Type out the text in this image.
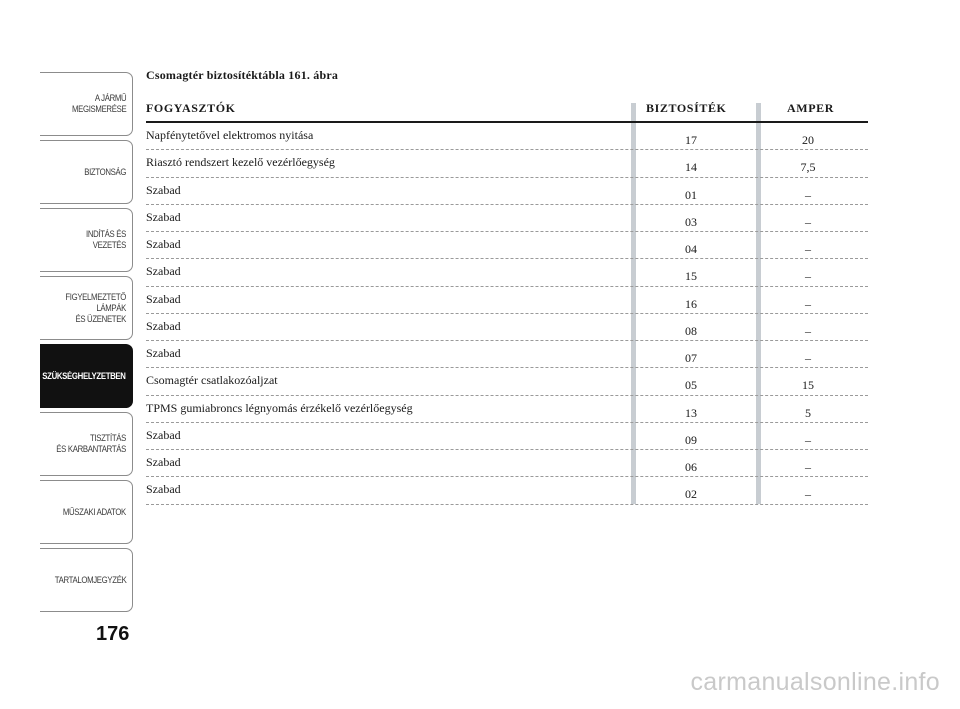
A JÁRMŰ
MEGISMERÉSE
BIZTONSÁG
INDÍTÁS ÉS VEZETÉS
FIGYELMEZTETŐ
LÁMPÁK
ÉS ÜZENETEK
SZÜKSÉGHELYZETBEN
TISZTÍTÁS
ÉS KARBANTARTÁS
MŰSZAKI ADATOK
TARTALOMJEGYZÉK
176
Csomagtér biztosítéktábla 161. ábra
FOGYASZTÓK	BIZTOSÍTÉK	AMPER
Napfénytetővel elektromos nyitása	17	20
Riasztó rendszert kezelő vezérlőegység	14	7,5
Szabad	01	–
Szabad	03	–
Szabad	04	–
Szabad	15	–
Szabad	16	–
Szabad	08	–
Szabad	07	–
Csomagtér csatlakozóaljzat	05	15
TPMS gumiabroncs légnyomás érzékelő vezérlőegység	13	5
Szabad	09	–
Szabad	06	–
Szabad	02	–
carmanualsonline.info
